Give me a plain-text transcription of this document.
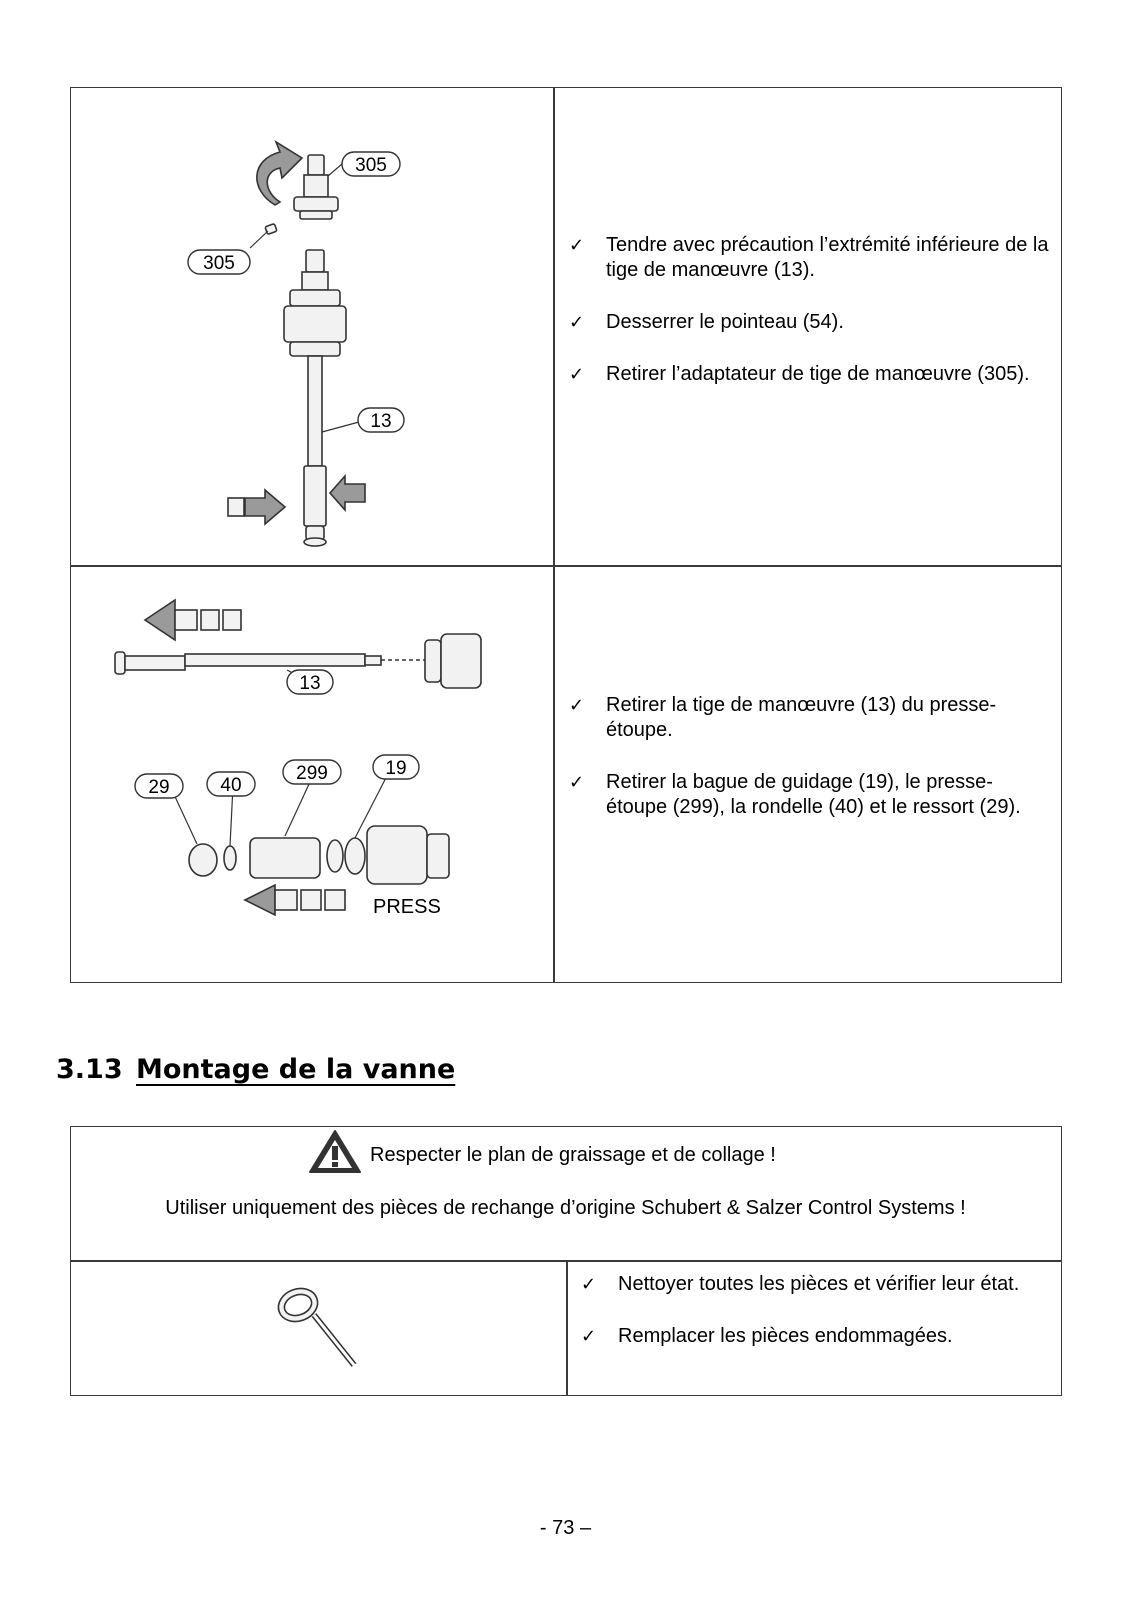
305
305
13
✓ Tendre avec précaution l’extrémité inférieure de la tige de manœuvre (13).
✓ Desserrer le pointeau (54).
✓ Retirer l’adaptateur de tige de manœuvre (305).
13
29	40
299	19
PRESS
✓ Retirer la tige de manœuvre (13) du presse-étoupe.
✓ Retirer la bague de guidage (19), le presse-étoupe (299), la rondelle (40) et le ressort (29).
3.13 Montage de la vanne
Respecter le plan de graissage et de collage !
Utiliser uniquement des pièces de rechange d’origine Schubert & Salzer Control Systems !
✓ Nettoyer toutes les pièces et vérifier leur état.
✓ Remplacer les pièces endommagées.
- 73 –
